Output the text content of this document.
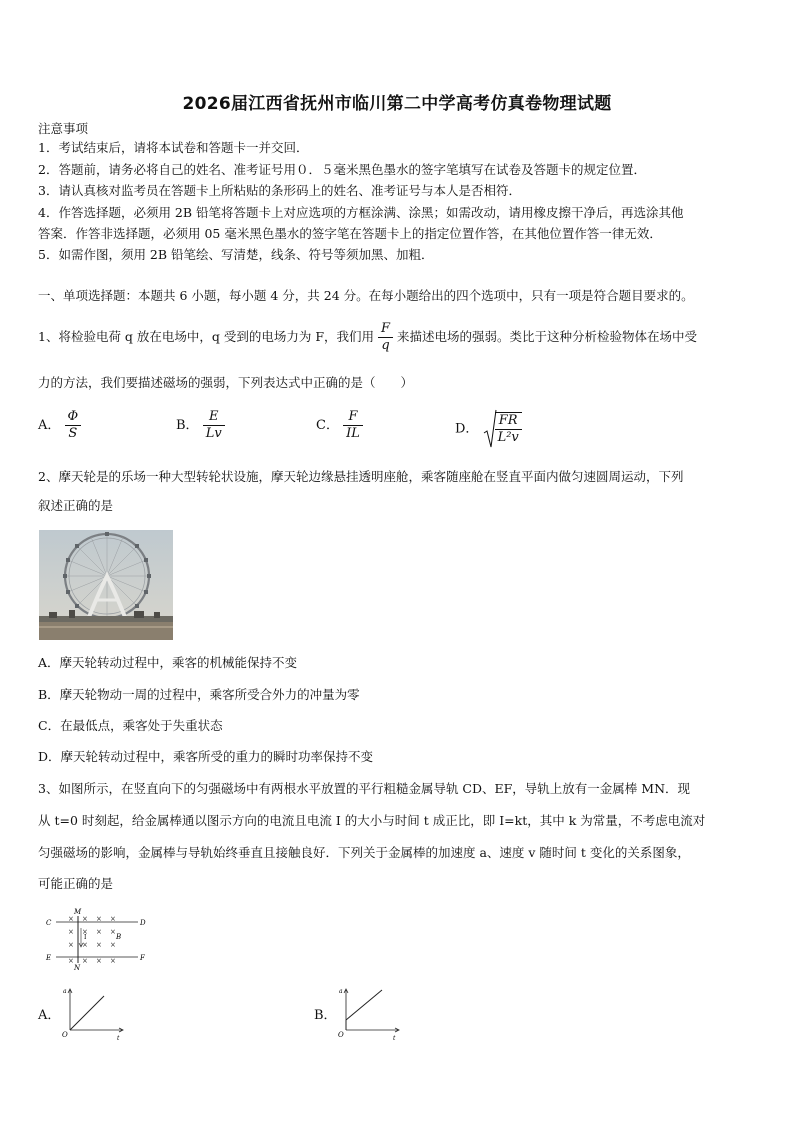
2026届江西省抚州市临川第二中学高考仿真卷物理试题
注意事项
1．考试结束后，请将本试卷和答题卡一并交回．
2．答题前，请务必将自己的姓名、准考证号用０．５毫米黑色墨水的签字笔填写在试卷及答题卡的规定位置．
3．请认真核对监考员在答题卡上所粘贴的条形码上的姓名、准考证号与本人是否相符．
4．作答选择题，必须用 2B 铅笔将答题卡上对应选项的方框涂满、涂黑；如需改动，请用橡皮擦干净后，再选涂其他
答案．作答非选择题，必须用 05 毫米黑色墨水的签字笔在答题卡上的指定位置作答，在其他位置作答一律无效．
5．如需作图，须用 2B 铅笔绘、写清楚，线条、符号等须加黑、加粗．
一、单项选择题：本题共 6 小题，每小题 4 分，共 24 分。在每小题给出的四个选项中，只有一项是符合题目要求的。
1、将检验电荷 q 放在电场中，q 受到的电场力为 F，我们用 $\frac{F}{q}$ 来描述电场的强弱。类比于这种分析检验物体在场中受
力的方法，我们要描述磁场的强弱，下列表达式中正确的是（　　）
A． $\frac{\Phi}{S}$	B． $\frac{E}{Lv}$	C． $\frac{F}{IL}$	D． $\frac{FR}{\text{L²v}}$
2、摩天轮是的乐场一种大型转轮状设施，摩天轮边缘悬挂透明座舱，乘客随座舱在竖直平面内做匀速圆周运动，下列
叙述正确的是
A．摩天轮转动过程中，乘客的机械能保持不变
B．摩天轮物动一周的过程中，乘客所受合外力的冲量为零
C．在最低点，乘客处于失重状态
D．摩天轮转动过程中，乘客所受的重力的瞬时功率保持不变
3、如图所示，在竖直向下的匀强磁场中有两根水平放置的平行粗糙金属导轨 CD、EF，导轨上放有一金属棒 MN．现
从 t=0 时刻起，给金属棒通以图示方向的电流且电流 I 的大小与时间 t 成正比，即 I=kt，其中 k 为常量，不考虑电流对
匀强磁场的影响，金属棒与导轨始终垂直且接触良好．下列关于金属棒的加速度 a、速度 v 随时间 t 变化的关系图象，
可能正确的是
× × × ×
× × × ×
× × × ×
× × × ×
C	D
E	F
M
N
B
I
A．
a
t
O
B．
a
t
O
